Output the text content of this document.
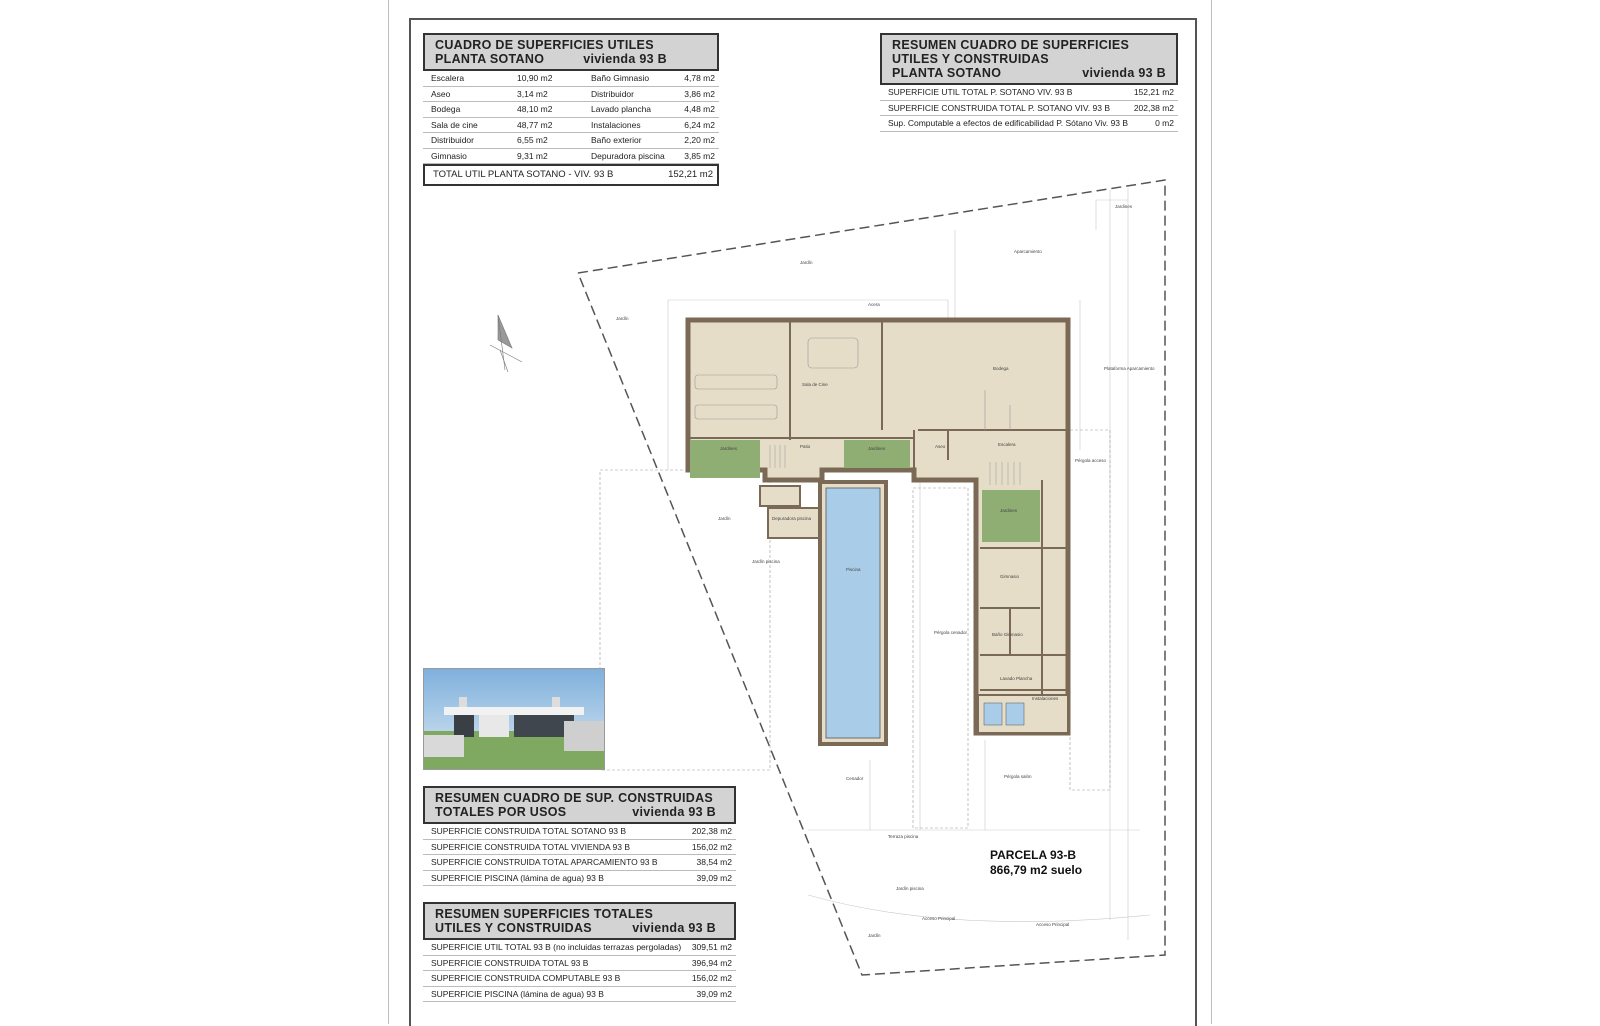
Jardín
Aparcamiento
Jardines
Acera
Jardín
Sala de Cine
Bodega
Patio
Jardines	Jardines	Aseo	Escalera
Pérgola acceso
Plataforma Aparcamiento
Jardines
Depuradora piscina
Jardín
Jardín piscina
Piscina
Gimnasio
Pérgola cenador	Baño Gimnasio
Lavado Plancha
Instalaciones
Pérgola salón
Cenador
Terraza piscina
Jardín piscina
Acceso Principal
Acceso Principal
Jardín
CUADRO DE SUPERFICIES UTILES
PLANTA SOTANO	vivienda 93 B
Escalera	10,90 m2	Baño Gimnasio	4,78 m2
Aseo	3,14 m2	Distribuidor	3,86 m2
Bodega	48,10 m2	Lavado plancha	4,48 m2
Sala de cine	48,77 m2	Instalaciones	6,24 m2
Distribuidor	6,55 m2	Baño exterior	2,20 m2
Gimnasio	9,31 m2	Depuradora piscina 3,85 m2
TOTAL UTIL PLANTA SOTANO - VIV. 93 B	152,21 m2
RESUMEN CUADRO DE SUPERFICIES
UTILES Y CONSTRUIDAS
PLANTA SOTANO	vivienda 93 B
SUPERFICIE UTIL TOTAL P. SOTANO VIV. 93 B	152,21 m2
SUPERFICIE CONSTRUIDA TOTAL P. SOTANO VIV. 93 B	202,38 m2
Sup. Computable a efectos de edificabilidad P. Sótano Viv. 93 B	0 m2
RESUMEN CUADRO DE SUP. CONSTRUIDAS
TOTALES POR USOS	vivienda 93 B
SUPERFICIE CONSTRUIDA TOTAL SOTANO 93 B	202,38 m2
SUPERFICIE CONSTRUIDA TOTAL VIVIENDA 93 B	156,02 m2
SUPERFICIE CONSTRUIDA TOTAL APARCAMIENTO 93 B	38,54 m2
SUPERFICIE PISCINA (lámina de agua) 93 B	39,09 m2
RESUMEN SUPERFICIES TOTALES
UTILES Y CONSTRUIDAS	vivienda 93 B
SUPERFICIE UTIL TOTAL 93 B (no incluidas terrazas pergoladas) 309,51 m2
SUPERFICIE CONSTRUIDA TOTAL 93 B	396,94 m2
SUPERFICIE CONSTRUIDA COMPUTABLE 93 B	156,02 m2
SUPERFICIE PISCINA (lámina de agua) 93 B	39,09 m2
PARCELA 93-B
866,79 m2 suelo
